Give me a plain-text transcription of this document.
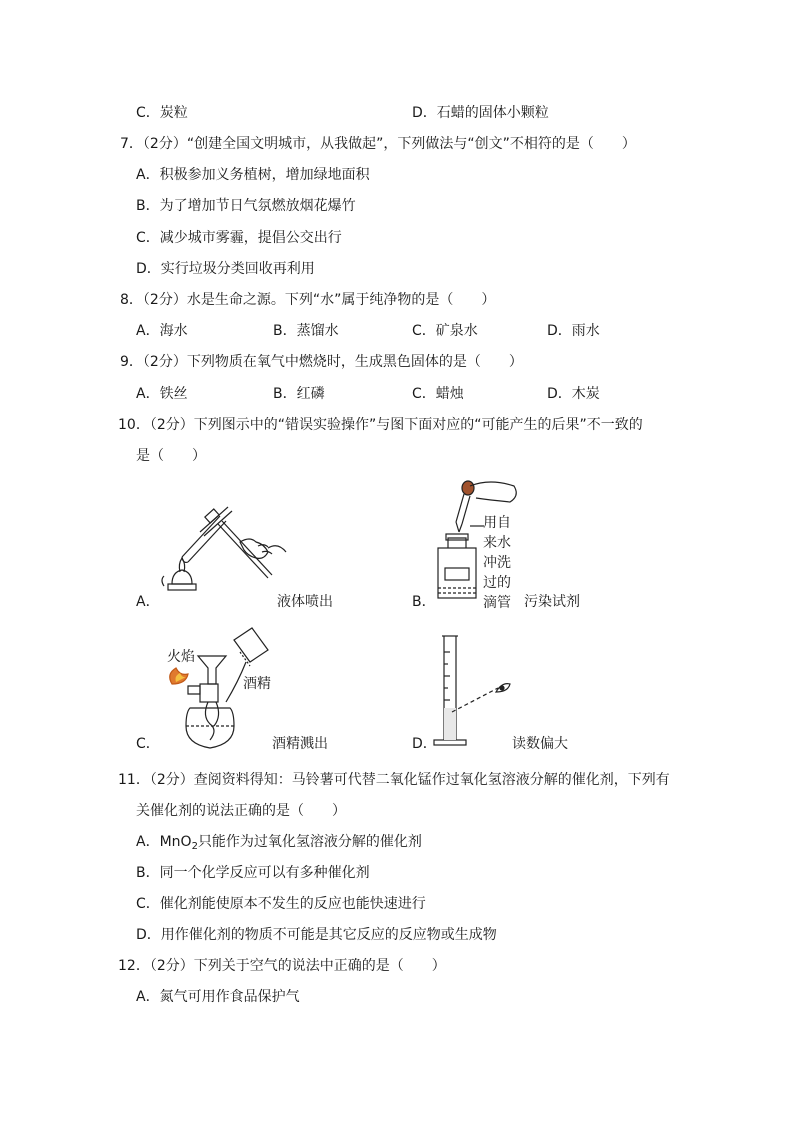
C．炭粒	D．石蜡的固体小颗粒
7．（2分）“创建全国文明城市，从我做起”，下列做法与“创文”不相符的是（　　）
A．积极参加义务植树，增加绿地面积
B．为了增加节日气氛燃放烟花爆竹
C．减少城市雾霾，提倡公交出行
D．实行垃圾分类回收再利用
8．（2分）水是生命之源。下列“水”属于纯净物的是（　　）
A．海水	B．蒸馏水	C．矿泉水	D．雨水
9．（2分）下列物质在氧气中燃烧时，生成黑色固体的是（　　）
A．铁丝	B．红磷	C．蜡烛	D．木炭
10．（2分）下列图示中的“错误实验操作”与图下面对应的“可能产生的后果”不一致的
是（　　）
A．	液体喷出
用自
来水
冲洗
过的
滴管
B．	污染试剂
火焰
酒精
C．	酒精溅出	D．	读数偏大
11．（2分）查阅资料得知：马铃薯可代替二氧化锰作过氧化氢溶液分解的催化剂，下列有
关催化剂的说法正确的是（　　）
A．MnO$_2$只能作为过氧化氢溶液分解的催化剂
B．同一个化学反应可以有多种催化剂
C．催化剂能使原本不发生的反应也能快速进行
D．用作催化剂的物质不可能是其它反应的反应物或生成物
12．（2分）下列关于空气的说法中正确的是（　　）
A．氮气可用作食品保护气
